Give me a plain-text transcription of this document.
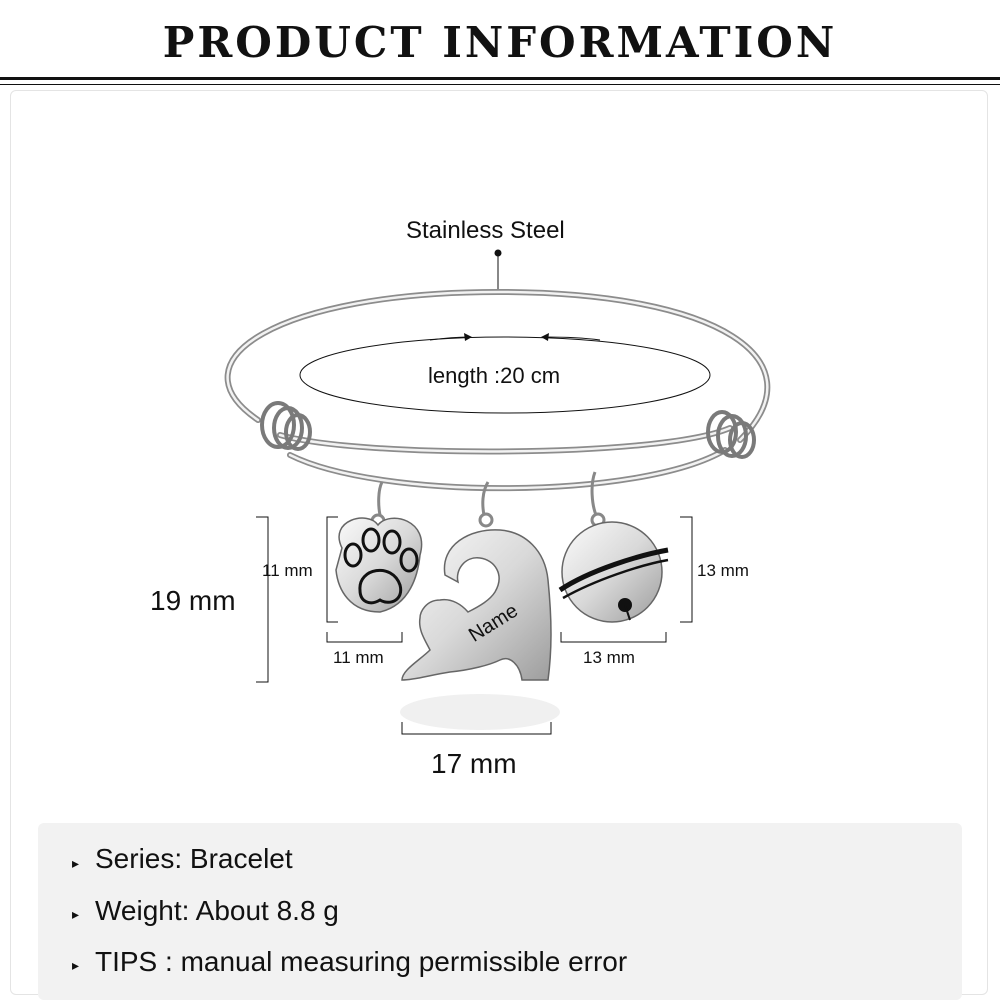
PRODUCT INFORMATION
Stainless Steel
length :20 cm
Name
19 mm
11 mm
11 mm
17 mm
13 mm
13 mm
▸
▸
▸
Series: Bracelet
Weight: About 8.8 g
TIPS : manual measuring permissible error
